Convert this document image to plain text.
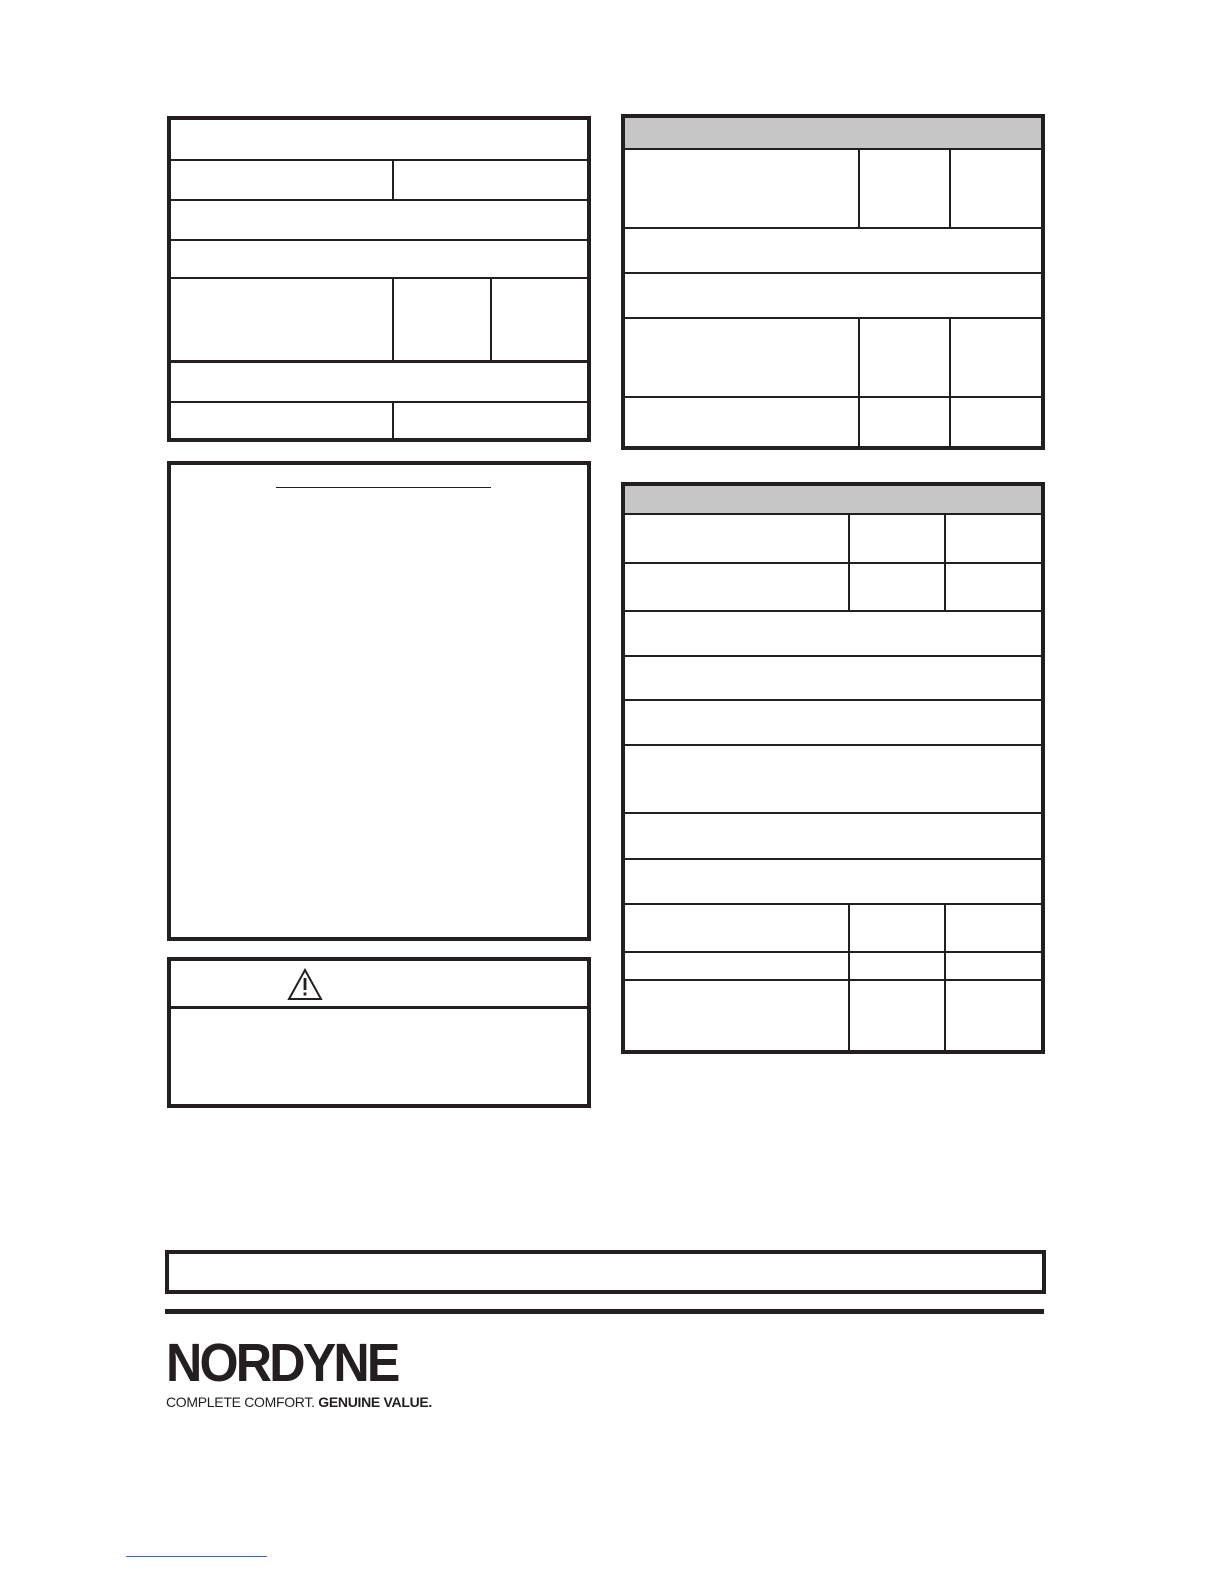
NORDYNE
COMPLETE COMFORT. GENUINE VALUE.
